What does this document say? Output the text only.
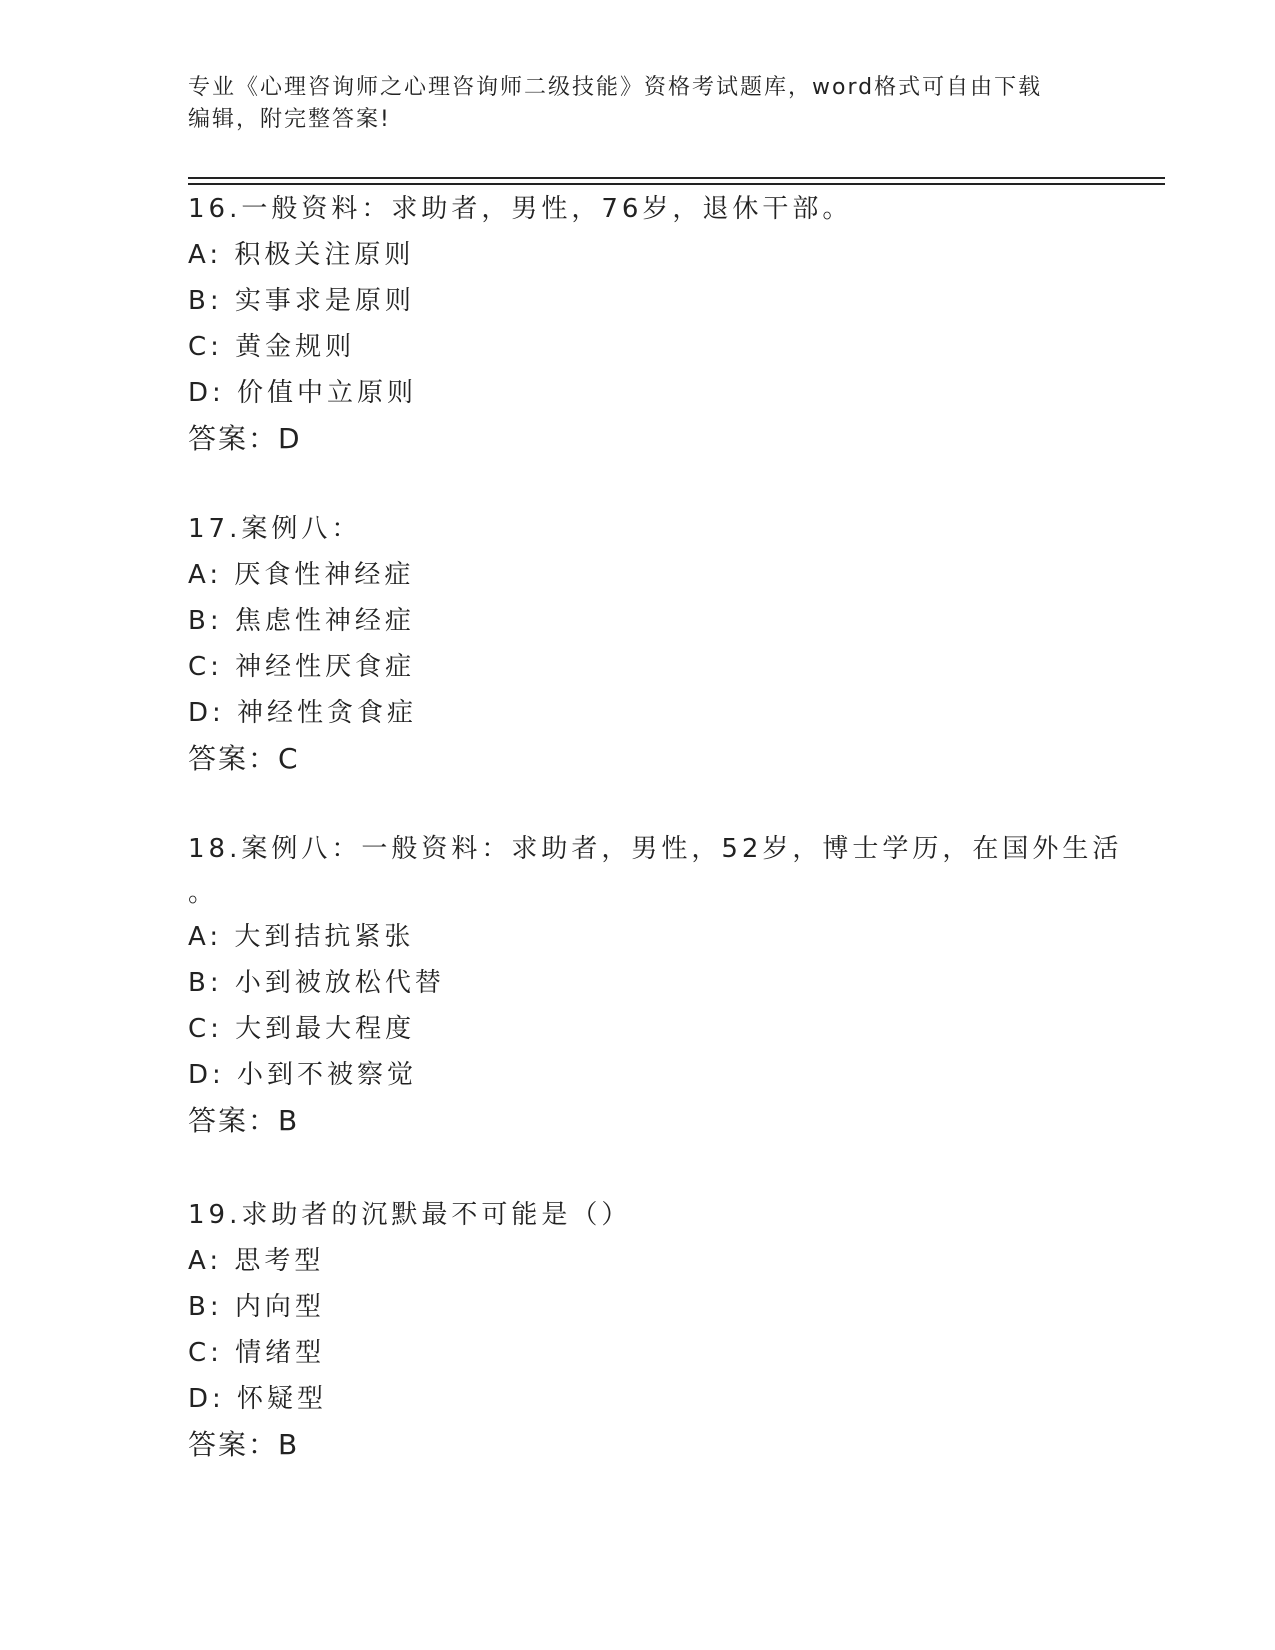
专业《心理咨询师之心理咨询师二级技能》资格考试题库，word格式可自由下载
编辑，附完整答案!
16.一般资料：求助者，男性，76岁，退休干部。
A: 积极关注原则
B: 实事求是原则
C: 黄金规则
D: 价值中立原则
答案：D
17.案例八：
A: 厌食性神经症
B: 焦虑性神经症
C: 神经性厌食症
D: 神经性贪食症
答案：C
18.案例八：一般资料：求助者，男性，52岁，博士学历，在国外生活
。
A: 大到拮抗紧张
B: 小到被放松代替
C: 大到最大程度
D: 小到不被察觉
答案：B
19.求助者的沉默最不可能是（）
A: 思考型
B: 内向型
C: 情绪型
D: 怀疑型
答案：B
